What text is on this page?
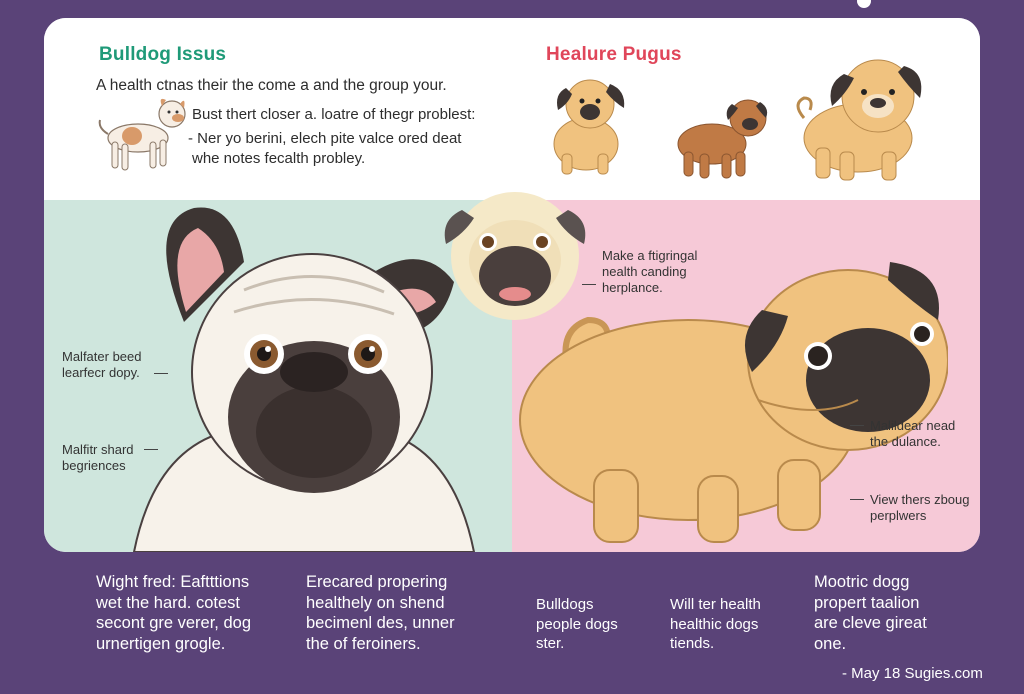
Bulldog Issus	Healure Pugus
A health ctnas their the come a and the group your.
Bust thert closer a. loatre of thegr problest:
- Ner yo berini, elech pite valce ored deat
whe notes fecalth probley.
Malfater beed
learfecr dopy.
Malfitr shard
begriences
Make a ftigringal
nealth canding
herplance.
Malildear nead
the dulance.
View thers zboug
perplwers
Wight fred: Eaftttions
wet the hard. cotest
secont gre verer, dog
urnertigen grogle.
Erecared propering
healthely on shend
becimenl des, unner
the of feroiners.
Bulldogs
people dogs
ster.
Will ter health
healthic dogs
tiends.
Mootric dogg
propert taalion
are cleve gireat
one.
- May 18 Sugies.com
